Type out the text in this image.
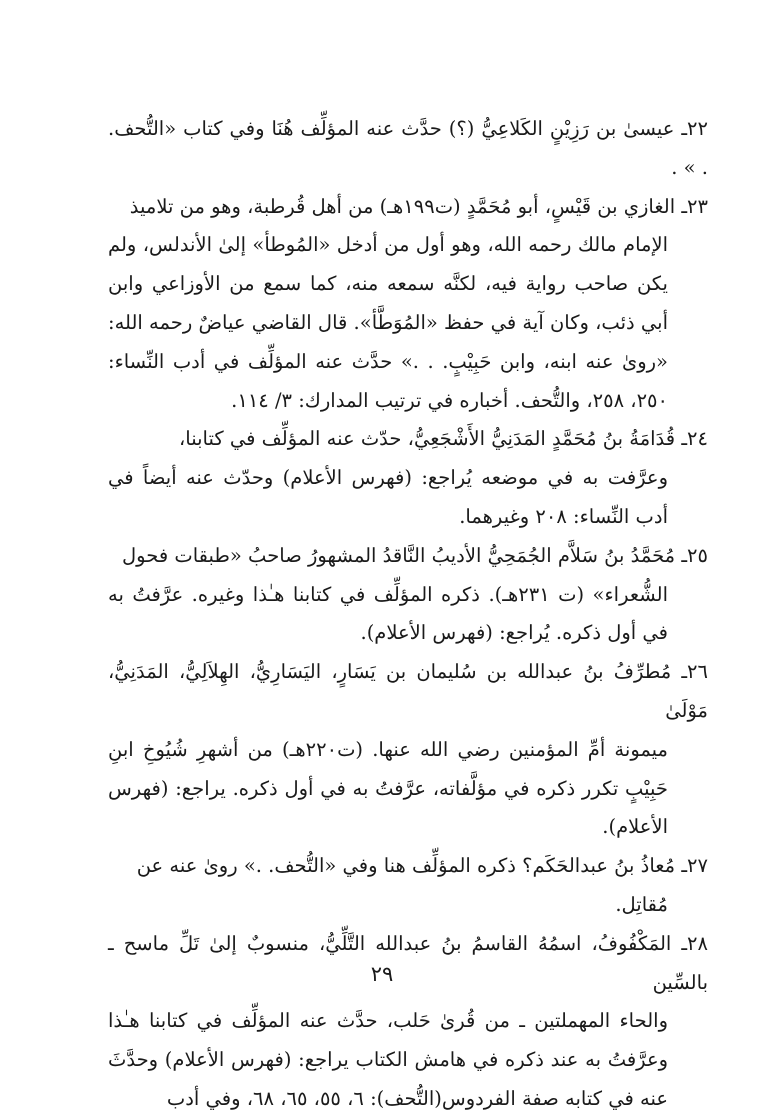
٢٢ـ عيسىٰ بن رَزِيْنٍ الكَلاعِيُّ (؟) حدَّث عنه المؤلِّف هُنَا وفي كتاب «التُّحف. . » .

٢٣ـ الغازي بن قَيْسٍ، أبو مُحَمَّدٍ (ت١٩٩هـ) من أهل قُرطبة، وهو من تلاميذ
الإمام مالك رحمه الله، وهو أول من أدخل «المُوطأ» إلىٰ الأندلس، ولم يكن صاحب رواية فيه، لكنَّه سمعه منه، كما سمع من الأوزاعي وابن أبي ذئب، وكان آية في حفظ «المُوَطَّأ». قال القاضي عياضٌ رحمه الله: «روىٰ عنه ابنه، وابن حَبِيْبٍ. . .» حدَّث عنه المؤلِّف في أدب النِّساء: ٢٥٠، ٢٥٨، والتُّحف. أخباره في ترتيب المدارك: ٣/ ١١٤.

٢٤ـ قُدَامَةُ بنُ مُحَمَّدٍ المَدَنِيُّ الأَشْجَعِيُّ، حدّث عنه المؤلِّف في كتابنا،
وعرَّفت به في موضعه يُراجع: (فهرس الأعلام) وحدّث عنه أيضاً في أدب النِّساء: ٢٠٨ وغيرهما.

٢٥ـ مُحَمَّدُ بنُ سَلاَّم الجُمَحِيُّ الأديبُ النَّاقدُ المشهورُ صاحبُ «طبقات فحول
الشُّعراء» (ت ٢٣١هـ). ذكره المؤلِّف في كتابنا هـٰذا وغيره. عرَّفتُ به في أول ذكره. يُراجع: (فهرس الأعلام).

٢٦ـ مُطرِّفُ بنُ عبدالله بن سُليمان بن يَسَارٍ، اليَسَارِيُّ، الهِلاَلِيُّ، المَدَنِيُّ، مَوْلَىٰ
ميمونة أمِّ المؤمنين رضي الله عنها. (ت٢٢٠هـ) من أشهرِ شُيُوخِ ابنِ حَبِيْبٍ تكرر ذكره في مؤلَّفاته، عرَّفتُ به في أول ذكره. يراجع: (فهرس الأعلام).

٢٧ـ مُعاذُ بنُ عبدالحَكَم؟ ذكره المؤلِّف هنا وفي «التُّحف. .» روىٰ عنه عن
مُقاتِل.

٢٨ـ المَكْفُوفُ، اسمُهُ القاسمُ بنُ عبدالله التَّلِّيُّ، منسوبٌ إلىٰ تَلِّ ماسح ـ بالسِّين
والحاء المهملتين ـ من قُرىٰ حَلب، حدَّث عنه المؤلِّف في كتابنا هـٰذا وعرَّفتُ به عند ذكره في هامش الكتاب يراجع: (فهرس الأعلام) وحدَّثَ عنه في كتابه صفة الفردوس(التُّحف): ٦، ٥٥، ٦٥، ٦٨، وفي أدب

٢٩
